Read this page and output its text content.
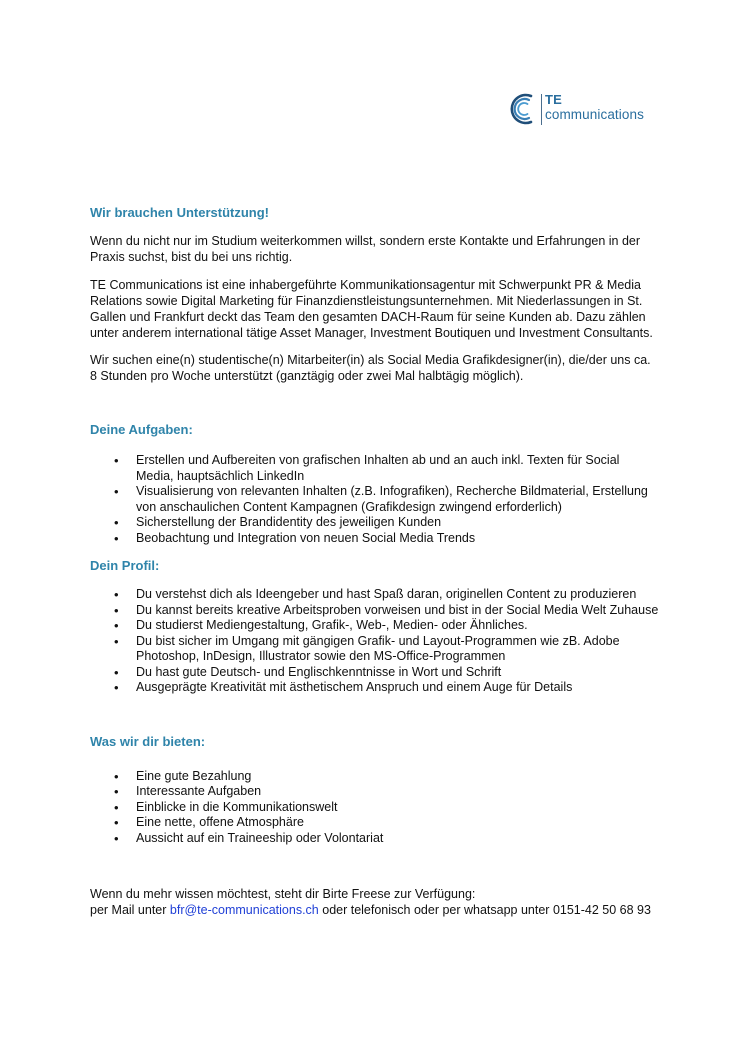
TE
communications
Wir brauchen Unterstützung!

Wenn du nicht nur im Studium weiterkommen willst, sondern erste Kontakte und Erfahrungen in der Praxis suchst, bist du bei uns richtig.

TE Communications ist eine inhabergeführte Kommunikationsagentur mit Schwerpunkt PR & Media Relations sowie Digital Marketing für Finanzdienstleistungsunternehmen. Mit Niederlassungen in St. Gallen und Frankfurt deckt das Team den gesamten DACH-Raum für seine Kunden ab. Dazu zählen unter anderem international tätige Asset Manager, Investment Boutiquen und Investment Consultants.

Wir suchen eine(n) studentische(n) Mitarbeiter(in) als Social Media Grafikdesigner(in), die/der uns ca. 8 Stunden pro Woche unterstützt (ganztägig oder zwei Mal halbtägig möglich).

Deine Aufgaben:
• Erstellen und Aufbereiten von grafischen Inhalten ab und an auch inkl. Texten für Social Media, hauptsächlich LinkedIn
• Visualisierung von relevanten Inhalten (z.B. Infografiken), Recherche Bildmaterial, Erstellung von anschaulichen Content Kampagnen (Grafikdesign zwingend erforderlich)
• Sicherstellung der Brandidentity des jeweiligen Kunden
• Beobachtung und Integration von neuen Social Media Trends
Dein Profil:
• Du verstehst dich als Ideengeber und hast Spaß daran, originellen Content zu produzieren
• Du kannst bereits kreative Arbeitsproben vorweisen und bist in der Social Media Welt Zuhause
• Du studierst Mediengestaltung, Grafik-, Web-, Medien- oder Ähnliches.
• Du bist sicher im Umgang mit gängigen Grafik- und Layout-Programmen wie zB. Adobe Photoshop, InDesign, Illustrator sowie den MS-Office-Programmen
• Du hast gute Deutsch- und Englischkenntnisse in Wort und Schrift
• Ausgeprägte Kreativität mit ästhetischem Anspruch und einem Auge für Details
Was wir dir bieten:
• Eine gute Bezahlung
• Interessante Aufgaben
• Einblicke in die Kommunikationswelt
• Eine nette, offene Atmosphäre
• Aussicht auf ein Traineeship oder Volontariat

Wenn du mehr wissen möchtest, steht dir Birte Freese zur Verfügung:

per Mail unter bfr@te-communications.ch oder telefonisch oder per whatsapp unter 0151-42 50 68 93
